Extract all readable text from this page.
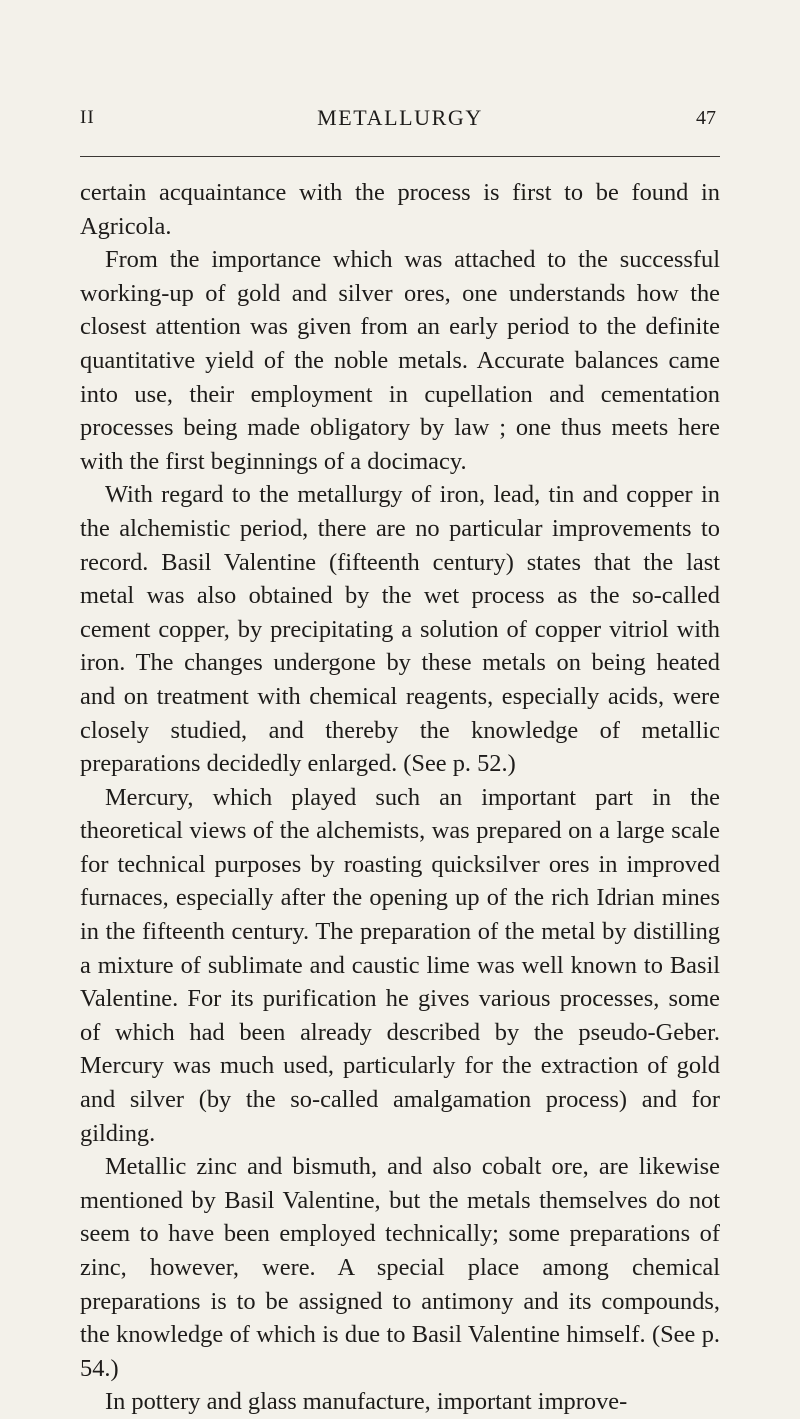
II	METALLURGY	47

certain acquaintance with the process is first to be found in Agricola.

From the importance which was attached to the successful working-up of gold and silver ores, one understands how the closest attention was given from an early period to the definite quantitative yield of the noble metals. Accurate balances came into use, their employment in cupellation and cementation processes being made obligatory by law ; one thus meets here with the first beginnings of a docimacy.

With regard to the metallurgy of iron, lead, tin and copper in the alchemistic period, there are no particular improvements to record. Basil Valentine (fifteenth century) states that the last metal was also obtained by the wet process as the so-called cement copper, by precipitating a solution of copper vitriol with iron. The changes undergone by these metals on being heated and on treatment with chemical reagents, especially acids, were closely studied, and thereby the knowledge of metallic preparations decidedly enlarged. (See p. 52.)

Mercury, which played such an important part in the theoretical views of the alchemists, was prepared on a large scale for technical purposes by roasting quicksilver ores in improved furnaces, especially after the opening up of the rich Idrian mines in the fifteenth century. The preparation of the metal by distilling a mixture of sublimate and caustic lime was well known to Basil Valentine. For its purification he gives various processes, some of which had been already described by the pseudo-Geber. Mercury was much used, particularly for the extraction of gold and silver (by the so-called amalgamation process) and for gilding.

Metallic zinc and bismuth, and also cobalt ore, are likewise mentioned by Basil Valentine, but the metals themselves do not seem to have been employed technically; some preparations of zinc, however, were. A special place among chemical preparations is to be assigned to antimony and its compounds, the knowledge of which is due to Basil Valentine himself. (See p. 54.)

In pottery and glass manufacture, important improve-
